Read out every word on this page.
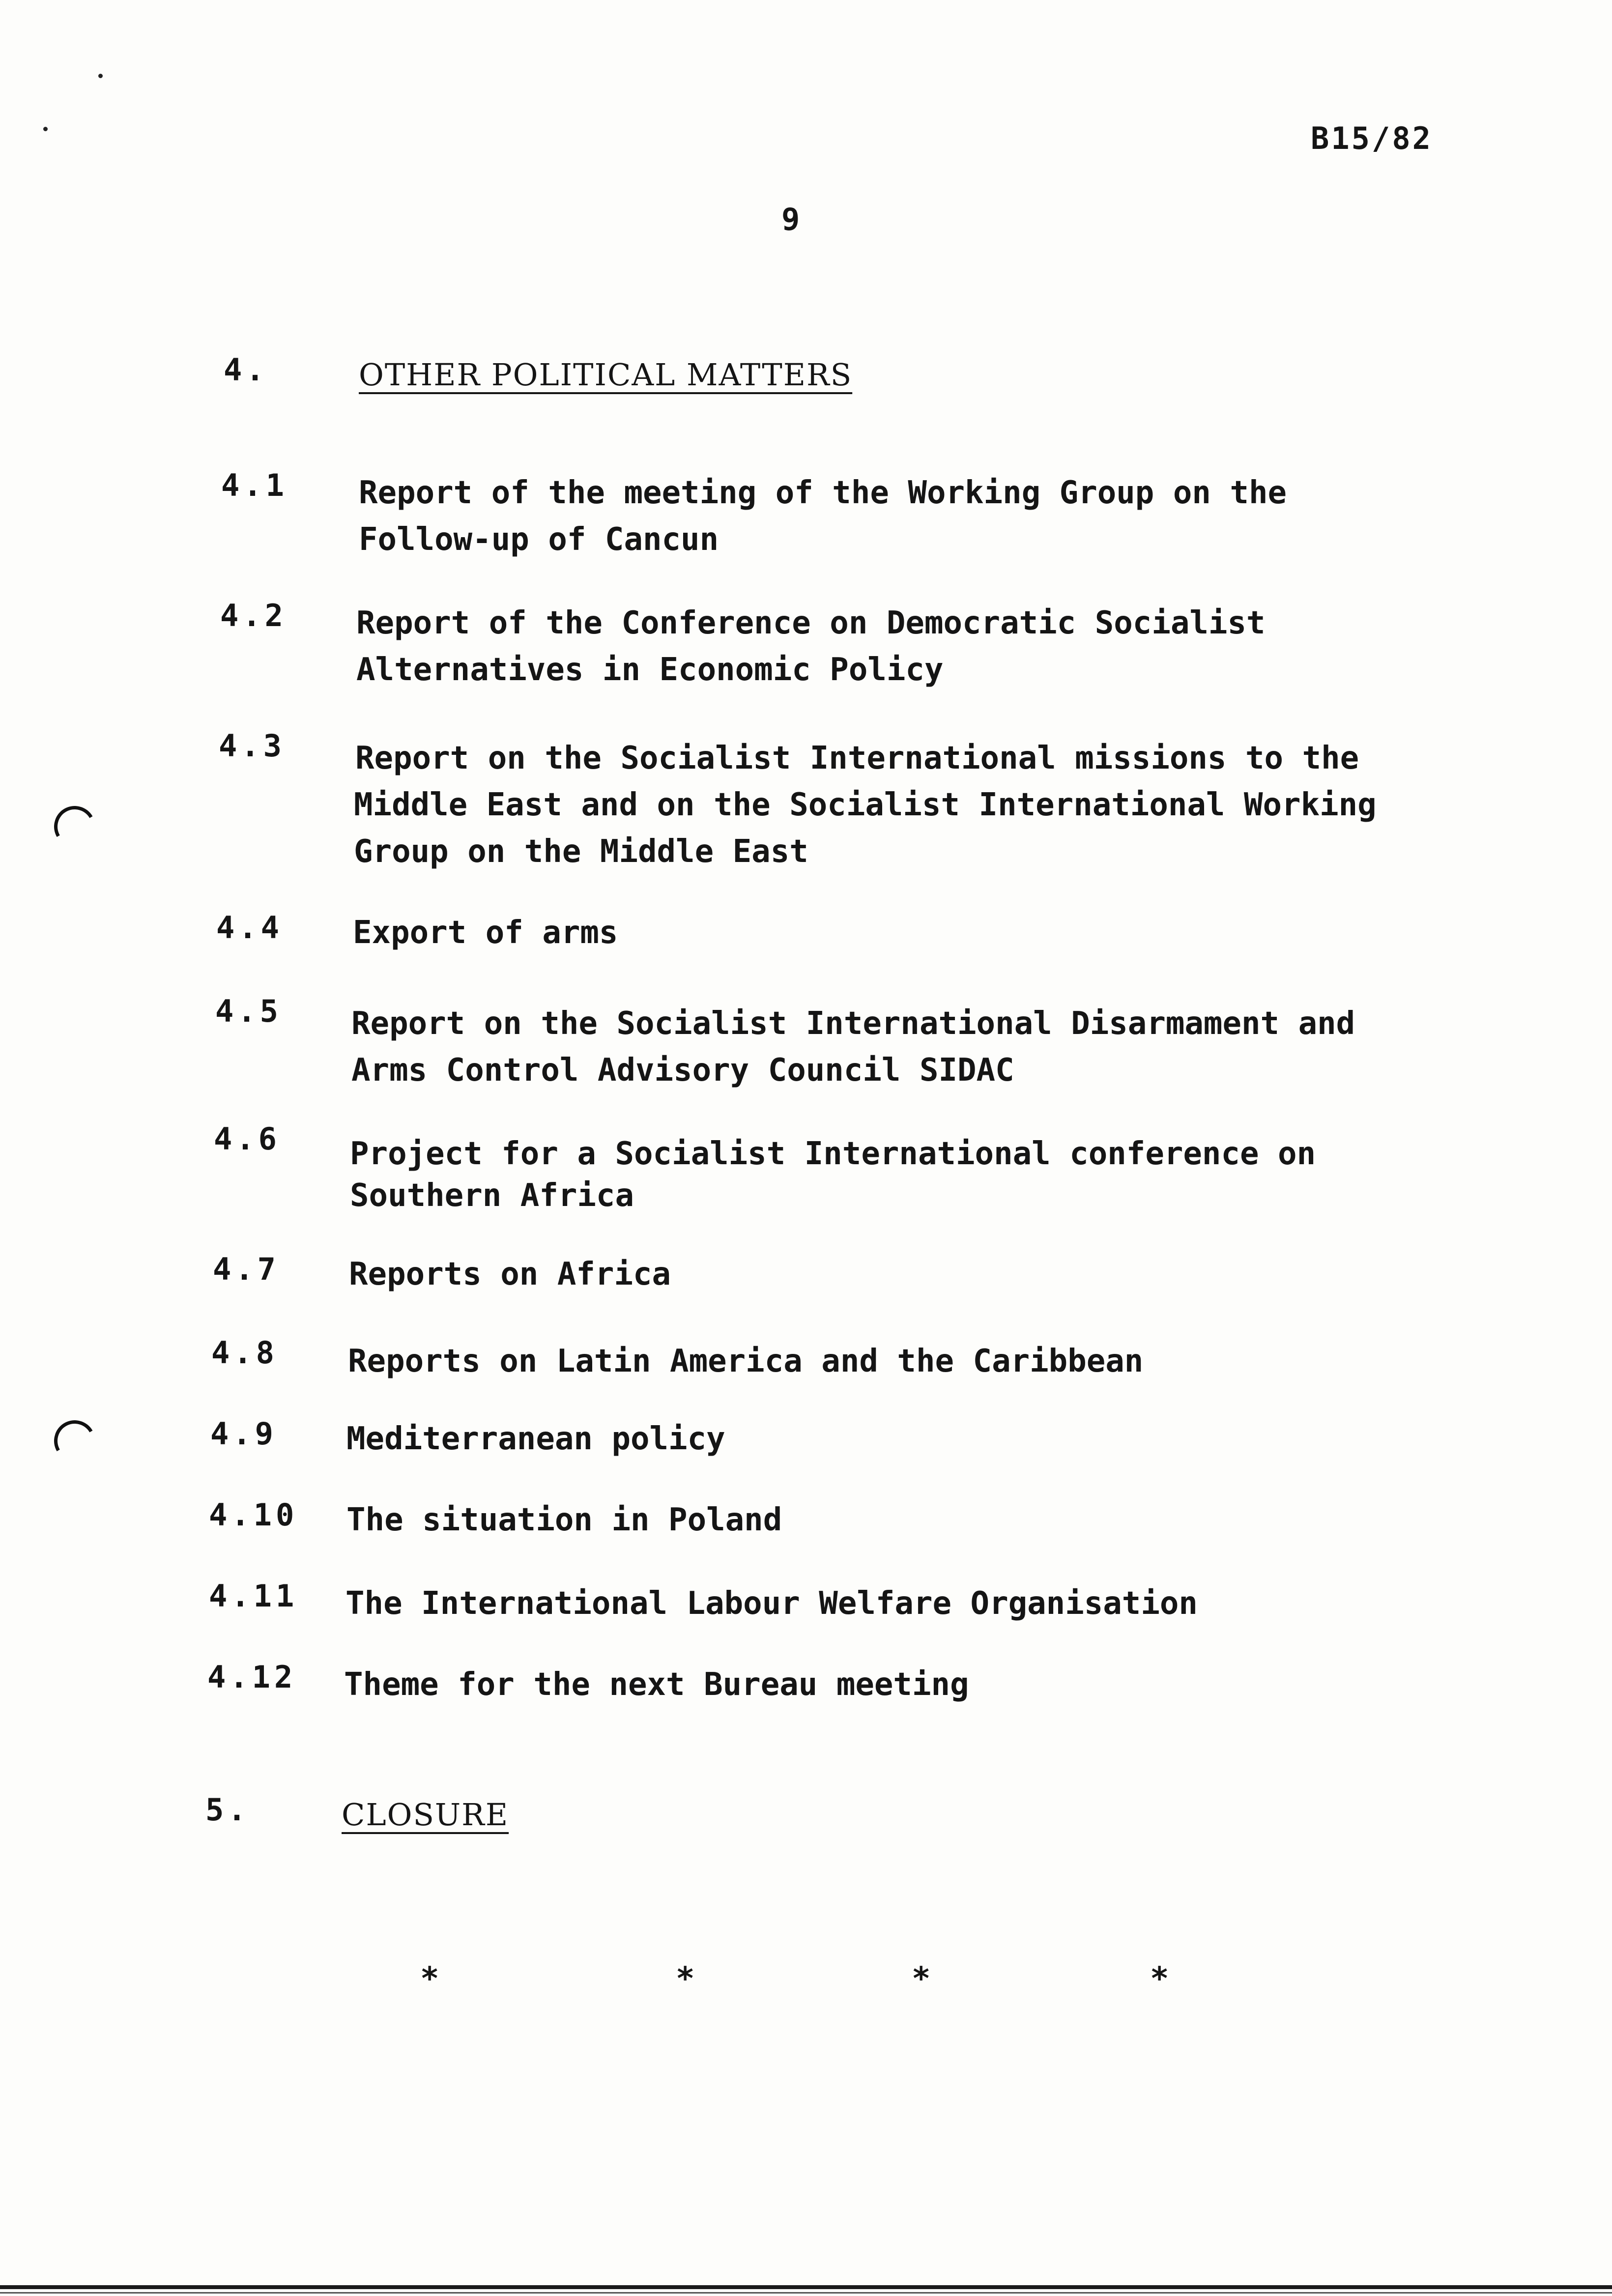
B15/82
9
4.	OTHER POLITICAL MATTERS
4.1 Report of the meeting of the Working Group on the
Follow-up of Cancun
4.2 Report of the Conference on Democratic Socialist
Alternatives in Economic Policy
4.3 Report on the Socialist International missions to the
Middle East and on the Socialist International Working
Group on the Middle East
4.4 Export of arms
4.5 Report on the Socialist International Disarmament and
Arms Control Advisory Council SIDAC
4.6 Project for a Socialist International conference on
Southern Africa
4.7 Reports on Africa
4.8 Reports on Latin America and the Caribbean
4.9 Mediterranean policy
4.10 The situation in Poland
4.11 The International Labour Welfare Organisation
4.12 Theme for the next Bureau meeting
5.	CLOSURE
*	*	*	*
